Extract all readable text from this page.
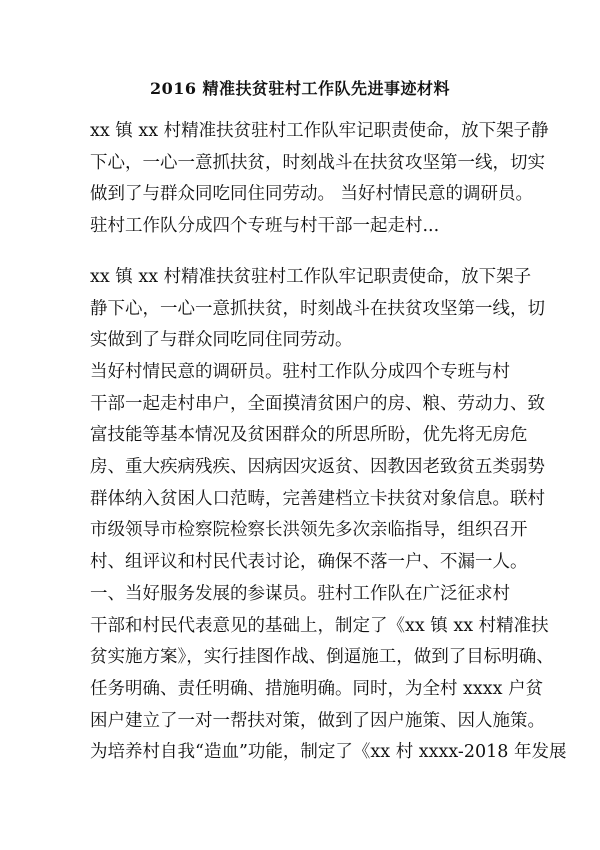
2016 精准扶贫驻村工作队先进事迹材料
xx 镇 xx 村精准扶贫驻村工作队牢记职责使命，放下架子静
下心，一心一意抓扶贫，时刻战斗在扶贫攻坚第一线，切实
做到了与群众同吃同住同劳动。 当好村情民意的调研员。
驻村工作队分成四个专班与村干部一起走村...
xx 镇 xx 村精准扶贫驻村工作队牢记职责使命，放下架子
静下心，一心一意抓扶贫，时刻战斗在扶贫攻坚第一线，切
实做到了与群众同吃同住同劳动。
当好村情民意的调研员。驻村工作队分成四个专班与村
干部一起走村串户，全面摸清贫困户的房、粮、劳动力、致
富技能等基本情况及贫困群众的所思所盼，优先将无房危
房、重大疾病残疾、因病因灾返贫、因教因老致贫五类弱势
群体纳入贫困人口范畴，完善建档立卡扶贫对象信息。联村
市级领导市检察院检察长洪领先多次亲临指导，组织召开
村、组评议和村民代表讨论，确保不落一户、不漏一人。
一、当好服务发展的参谋员。驻村工作队在广泛征求村
干部和村民代表意见的基础上，制定了《xx 镇 xx 村精准扶
贫实施方案》，实行挂图作战、倒逼施工，做到了目标明确、
任务明确、责任明确、措施明确。同时，为全村 xxxx 户贫
困户建立了一对一帮扶对策，做到了因户施策、因人施策。
为培养村自我“造血”功能，制定了《xx 村 xxxx-2018 年发展
